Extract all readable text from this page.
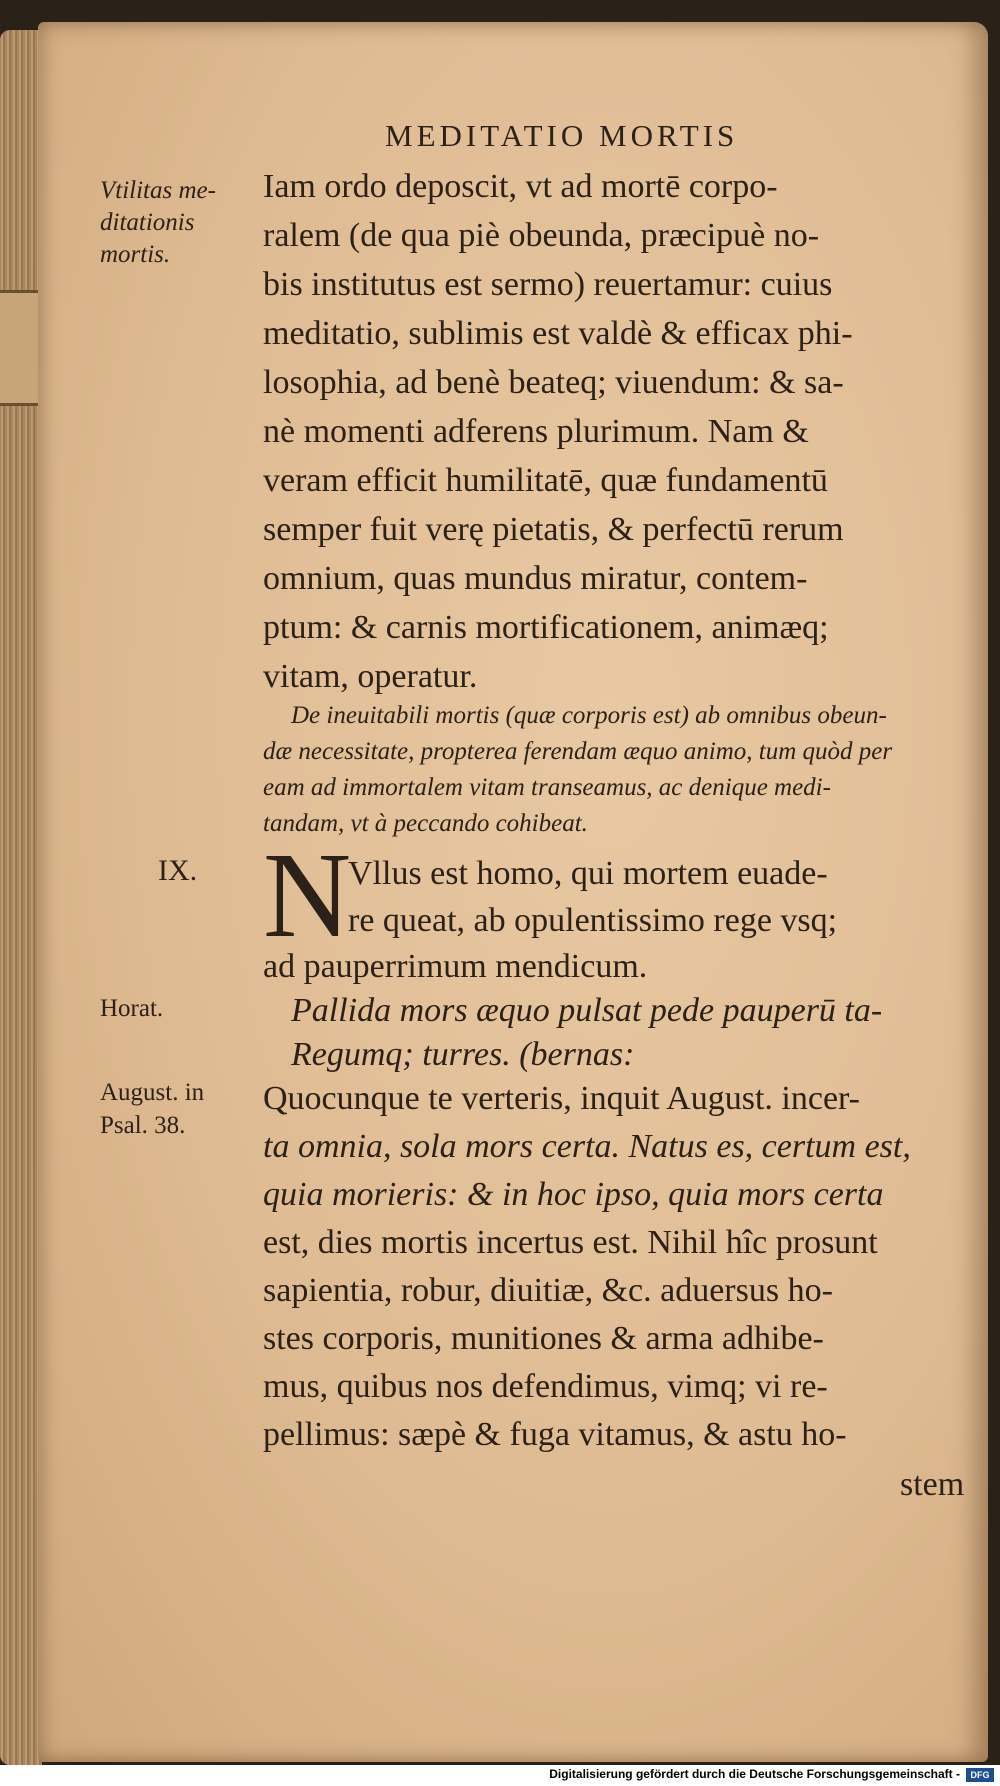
MEDITATIO MORTIS
Vtilitas me-
ditationis
mortis.
IX.
Horat.
August. in
Psal. 38.
Iam ordo deposcit, vt ad mortē corpo-
ralem (de qua piè obeunda, præcipuè no-
bis institutus est sermo) reuertamur: cuius
meditatio, sublimis est valdè & efficax phi-
losophia, ad benè beateq; viuendum: & sa-
nè momenti adferens plurimum. Nam &
veram efficit humilitatē, quæ fundamentū
semper fuit verę pietatis, & perfectū rerum
omnium, quas mundus miratur, contem-
ptum: & carnis mortificationem, animæq;
vitam, operatur.
De ineuitabili mortis (quæ corporis est) ab omnibus obeun-
dæ necessitate, propterea ferendam æquo animo, tum quòd per
eam ad immortalem vitam transeamus, ac denique medi-
tandam, vt à peccando cohibeat.
N
Vllus est homo, qui mortem euade-
re queat, ab opulentissimo rege vsq;
ad pauperrimum mendicum.
Pallida mors æquo pulsat pede pauperū ta-
Regumq; turres. (bernas:
Quocunque te verteris, inquit August. incer-
ta omnia, sola mors certa. Natus es, certum est,
quia morieris: & in hoc ipso, quia mors certa
est, dies mortis incertus est. Nihil hîc prosunt
sapientia, robur, diuitiæ, &c. aduersus ho-
stes corporis, munitiones & arma adhibe-
mus, quibus nos defendimus, vimq; vi re-
pellimus: sæpè & fuga vitamus, & astu ho-
stem
Digitalisierung gefördert durch die Deutsche Forschungsgemeinschaft -	DFG
